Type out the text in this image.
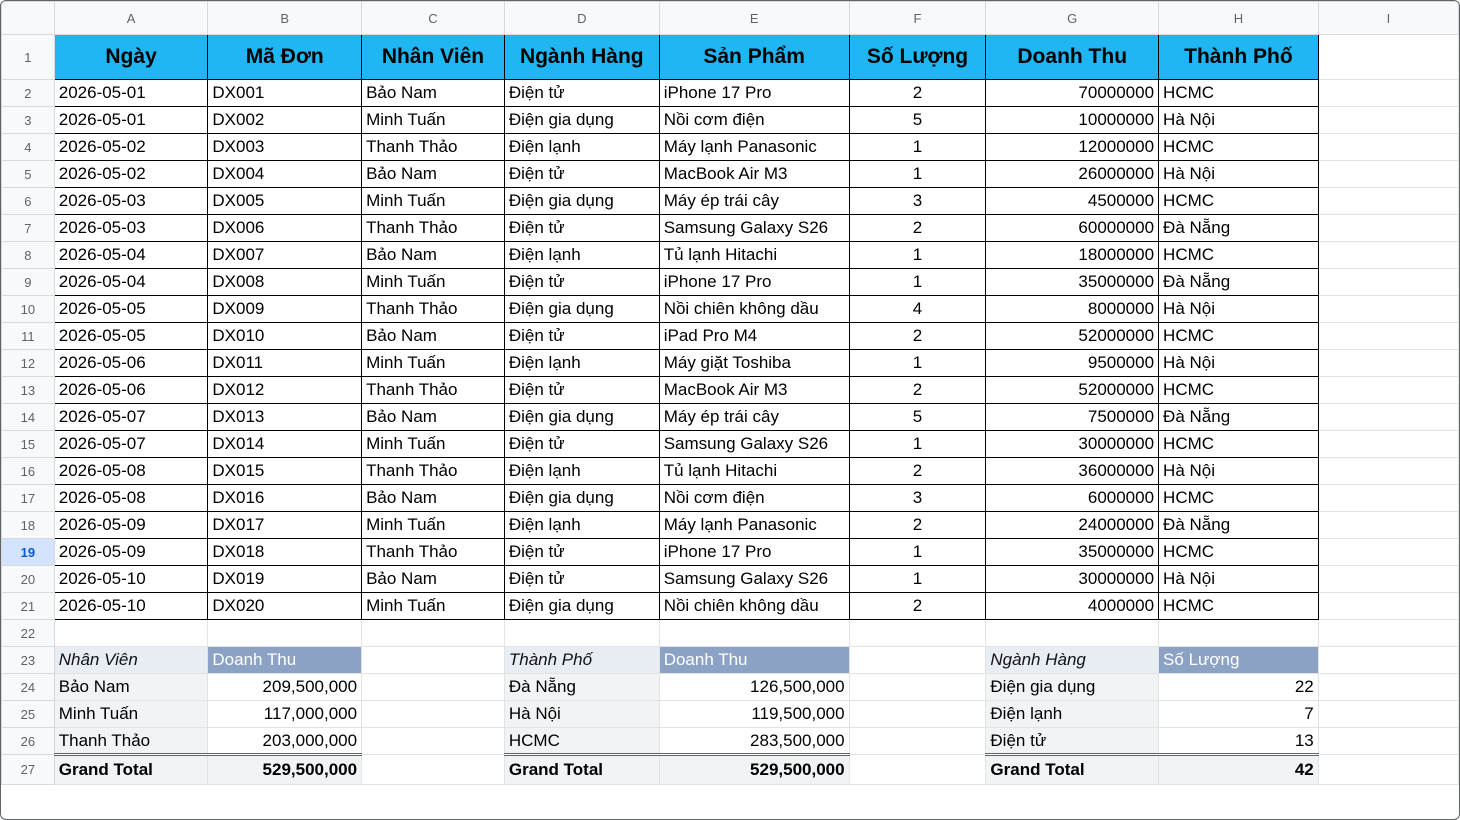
	A	B	C	D	E	F	G	H	I
1	Ngày	Mã Đơn	Nhân Viên	Ngành Hàng	Sản Phẩm	Số Lượng	Doanh Thu	Thành Phố	
2	2026-05-01	DX001	Bảo Nam	Điện tử	iPhone 17 Pro	2	70000000	HCMC	
3	2026-05-01	DX002	Minh Tuấn	Điện gia dụng	Nồi cơm điện	5	10000000	Hà Nội	
4	2026-05-02	DX003	Thanh Thảo	Điện lạnh	Máy lạnh Panasonic	1	12000000	HCMC	
5	2026-05-02	DX004	Bảo Nam	Điện tử	MacBook Air M3	1	26000000	Hà Nội	
6	2026-05-03	DX005	Minh Tuấn	Điện gia dụng	Máy ép trái cây	3	4500000	HCMC	
7	2026-05-03	DX006	Thanh Thảo	Điện tử	Samsung Galaxy S26	2	60000000	Đà Nẵng	
8	2026-05-04	DX007	Bảo Nam	Điện lạnh	Tủ lạnh Hitachi	1	18000000	HCMC	
9	2026-05-04	DX008	Minh Tuấn	Điện tử	iPhone 17 Pro	1	35000000	Đà Nẵng	
10	2026-05-05	DX009	Thanh Thảo	Điện gia dụng	Nồi chiên không dầu	4	8000000	Hà Nội	
11	2026-05-05	DX010	Bảo Nam	Điện tử	iPad Pro M4	2	52000000	HCMC	
12	2026-05-06	DX011	Minh Tuấn	Điện lạnh	Máy giặt Toshiba	1	9500000	Hà Nội	
13	2026-05-06	DX012	Thanh Thảo	Điện tử	MacBook Air M3	2	52000000	HCMC	
14	2026-05-07	DX013	Bảo Nam	Điện gia dụng	Máy ép trái cây	5	7500000	Đà Nẵng	
15	2026-05-07	DX014	Minh Tuấn	Điện tử	Samsung Galaxy S26	1	30000000	HCMC	
16	2026-05-08	DX015	Thanh Thảo	Điện lạnh	Tủ lạnh Hitachi	2	36000000	Hà Nội	
17	2026-05-08	DX016	Bảo Nam	Điện gia dụng	Nồi cơm điện	3	6000000	HCMC	
18	2026-05-09	DX017	Minh Tuấn	Điện lạnh	Máy lạnh Panasonic	2	24000000	Đà Nẵng	
19	2026-05-09	DX018	Thanh Thảo	Điện tử	iPhone 17 Pro	1	35000000	HCMC	
20	2026-05-10	DX019	Bảo Nam	Điện tử	Samsung Galaxy S26	1	30000000	Hà Nội	
21	2026-05-10	DX020	Minh Tuấn	Điện gia dụng	Nồi chiên không dầu	2	4000000	HCMC	
22									
23	Nhân Viên	Doanh Thu		Thành Phố	Doanh Thu		Ngành Hàng	Số Lượng	
24	Bảo Nam	209,500,000		Đà Nẵng	126,500,000		Điện gia dụng	22	
25	Minh Tuấn	117,000,000		Hà Nội	119,500,000		Điện lạnh	7	
26	Thanh Thảo	203,000,000		HCMC	283,500,000		Điện tử	13	
27	Grand Total	529,500,000		Grand Total	529,500,000		Grand Total	42	
